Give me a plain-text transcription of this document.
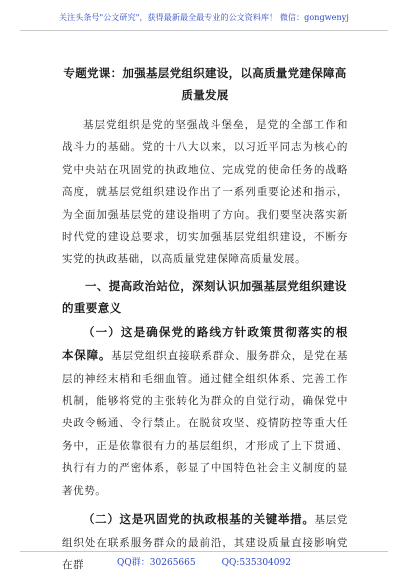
关注头条号"公文研究"，获得最新最全最专业的公文资料库！ 微信：gongwenyj
专题党课：加强基层党组织建设，以高质量党建保障高质量发展

基层党组织是党的坚强战斗堡垒，是党的全部工作和战斗力的基础。党的十八大以来，以习近平同志为核心的党中央站在巩固党的执政地位、完成党的使命任务的战略高度，就基层党组织建设作出了一系列重要论述和指示，为全面加强基层党的建设指明了方向。我们要坚决落实新时代党的建设总要求，切实加强基层党组织建设，不断夯实党的执政基础，以高质量党建保障高质量发展。

一、提高政治站位，深刻认识加强基层党组织建设的重要意义

（一）这是确保党的路线方针政策贯彻落实的根本保障。基层党组织直接联系群众、服务群众，是党在基层的神经末梢和毛细血管。通过健全组织体系、完善工作机制，能够将党的主张转化为群众的自觉行动，确保党中央政令畅通、令行禁止。在脱贫攻坚、疫情防控等重大任务中，正是依靠很有力的基层组织，才形成了上下贯通、执行有力的严密体系，彰显了中国特色社会主义制度的显著优势。

（二）这是巩固党的执政根基的关键举措。基层党组织处在联系服务群众的最前沿，其建设质量直接影响党在群	QQ群：30265665	QQ:535304092
